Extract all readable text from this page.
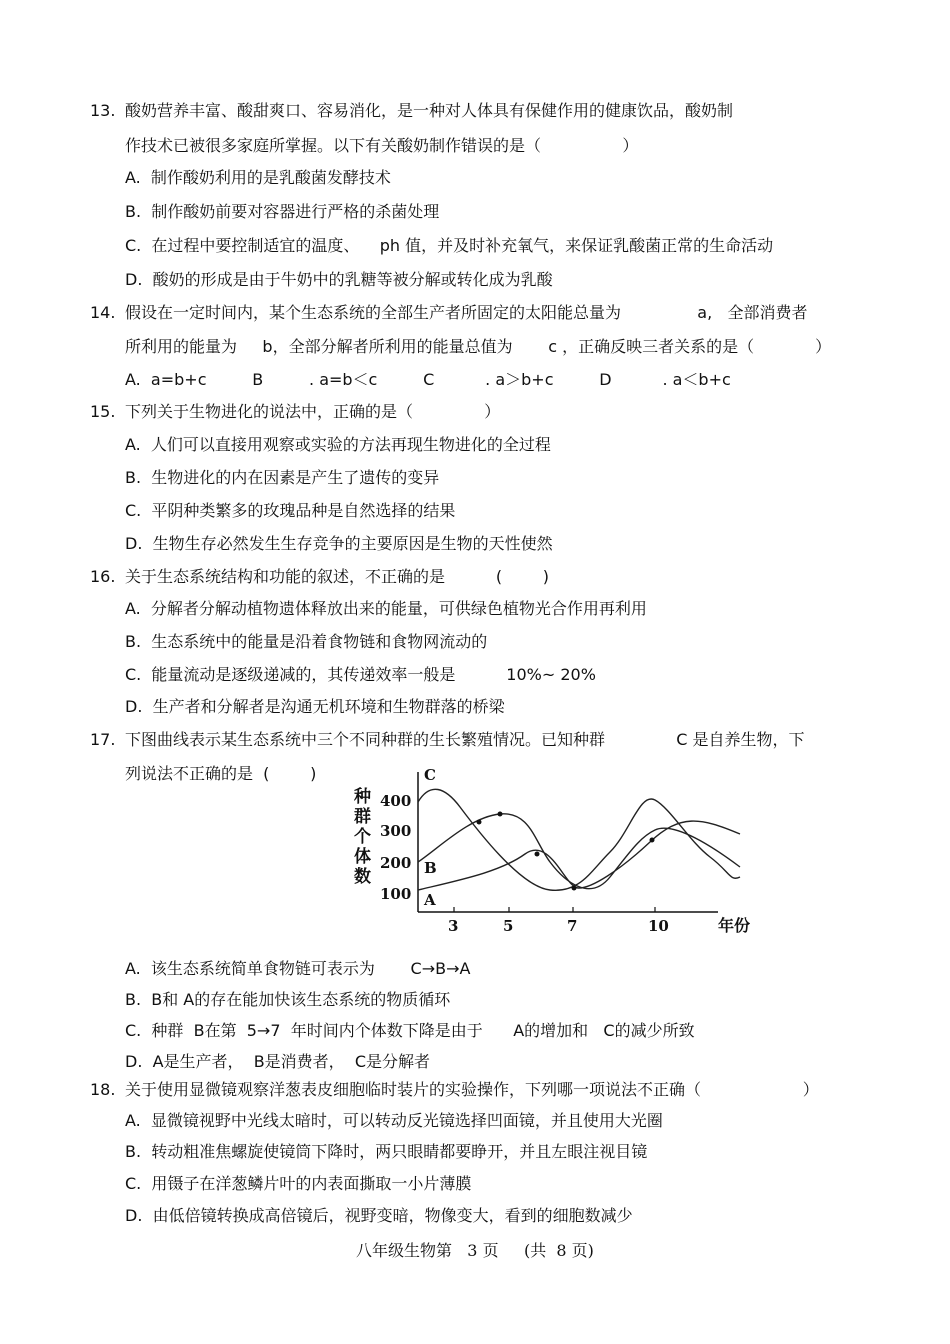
13. 酸奶营养丰富、酸甜爽口、容易消化，是一种对人体具有保健作用的健康饮品，酸奶制
作技术已被很多家庭所掌握。以下有关酸奶制作错误的是（                ）
A.  制作酸奶利用的是乳酸菌发酵技术
B.  制作酸奶前要对容器进行严格的杀菌处理
C.  在过程中要控制适宜的温度、    ph 值，并及时补充氧气，来保证乳酸菌正常的生命活动
D.  酸奶的形成是由于牛奶中的乳糖等被分解或转化成为乳酸
14. 假设在一定时间内，某个生态系统的全部生产者所固定的太阳能总量为               a,   全部消费者
所利用的能量为     b，全部分解者所利用的能量总值为       c ，正确反映三者关系的是（            ）
A.  a=b+c         B         . a=b＜c         C          . a＞b+c         D          . a＜b+c
15. 下列关于生物进化的说法中，正确的是（              ）
A.  人们可以直接用观察或实验的方法再现生物进化的全过程
B.  生物进化的内在因素是产生了遗传的变异
C.  平阴种类繁多的玫瑰品种是自然选择的结果
D.  生物生存必然发生生存竞争的主要原因是生物的天性使然
16. 关于生态系统结构和功能的叙述，不正确的是          (        )
A.  分解者分解动植物遗体释放出来的能量，可供绿色植物光合作用再利用
B.  生态系统中的能量是沿着食物链和食物网流动的
C.  能量流动是逐级递减的，其传递效率一般是          10%~ 20%
D.  生产者和分解者是沟通无机环境和生物群落的桥梁
17. 下图曲线表示某生态系统中三个不同种群的生长繁殖情况。已知种群              C 是自养生物，下
列说法不正确的是  (        )
种
群
个
体
数
400
300
200
100
3	5	7	10	年份
C
B
A
A.  该生态系统简单食物链可表示为       C→B→A
B.  B和 A的存在能加快该生态系统的物质循环
C.  种群  B在第  5→7  年时间内个体数下降是由于      A的增加和   C的减少所致
D.  A是生产者，  B是消费者，  C是分解者
18. 关于使用显微镜观察洋葱表皮细胞临时装片的实验操作，下列哪一项说法不正确（                    ）
A.  显微镜视野中光线太暗时，可以转动反光镜选择凹面镜，并且使用大光圈
B.  转动粗准焦螺旋使镜筒下降时，两只眼睛都要睁开，并且左眼注视目镜
C.  用镊子在洋葱鳞片叶的内表面撕取一小片薄膜
D.  由低倍镜转换成高倍镜后，视野变暗，物像变大，看到的细胞数减少
八年级生物第   3 页     (共  8 页)
